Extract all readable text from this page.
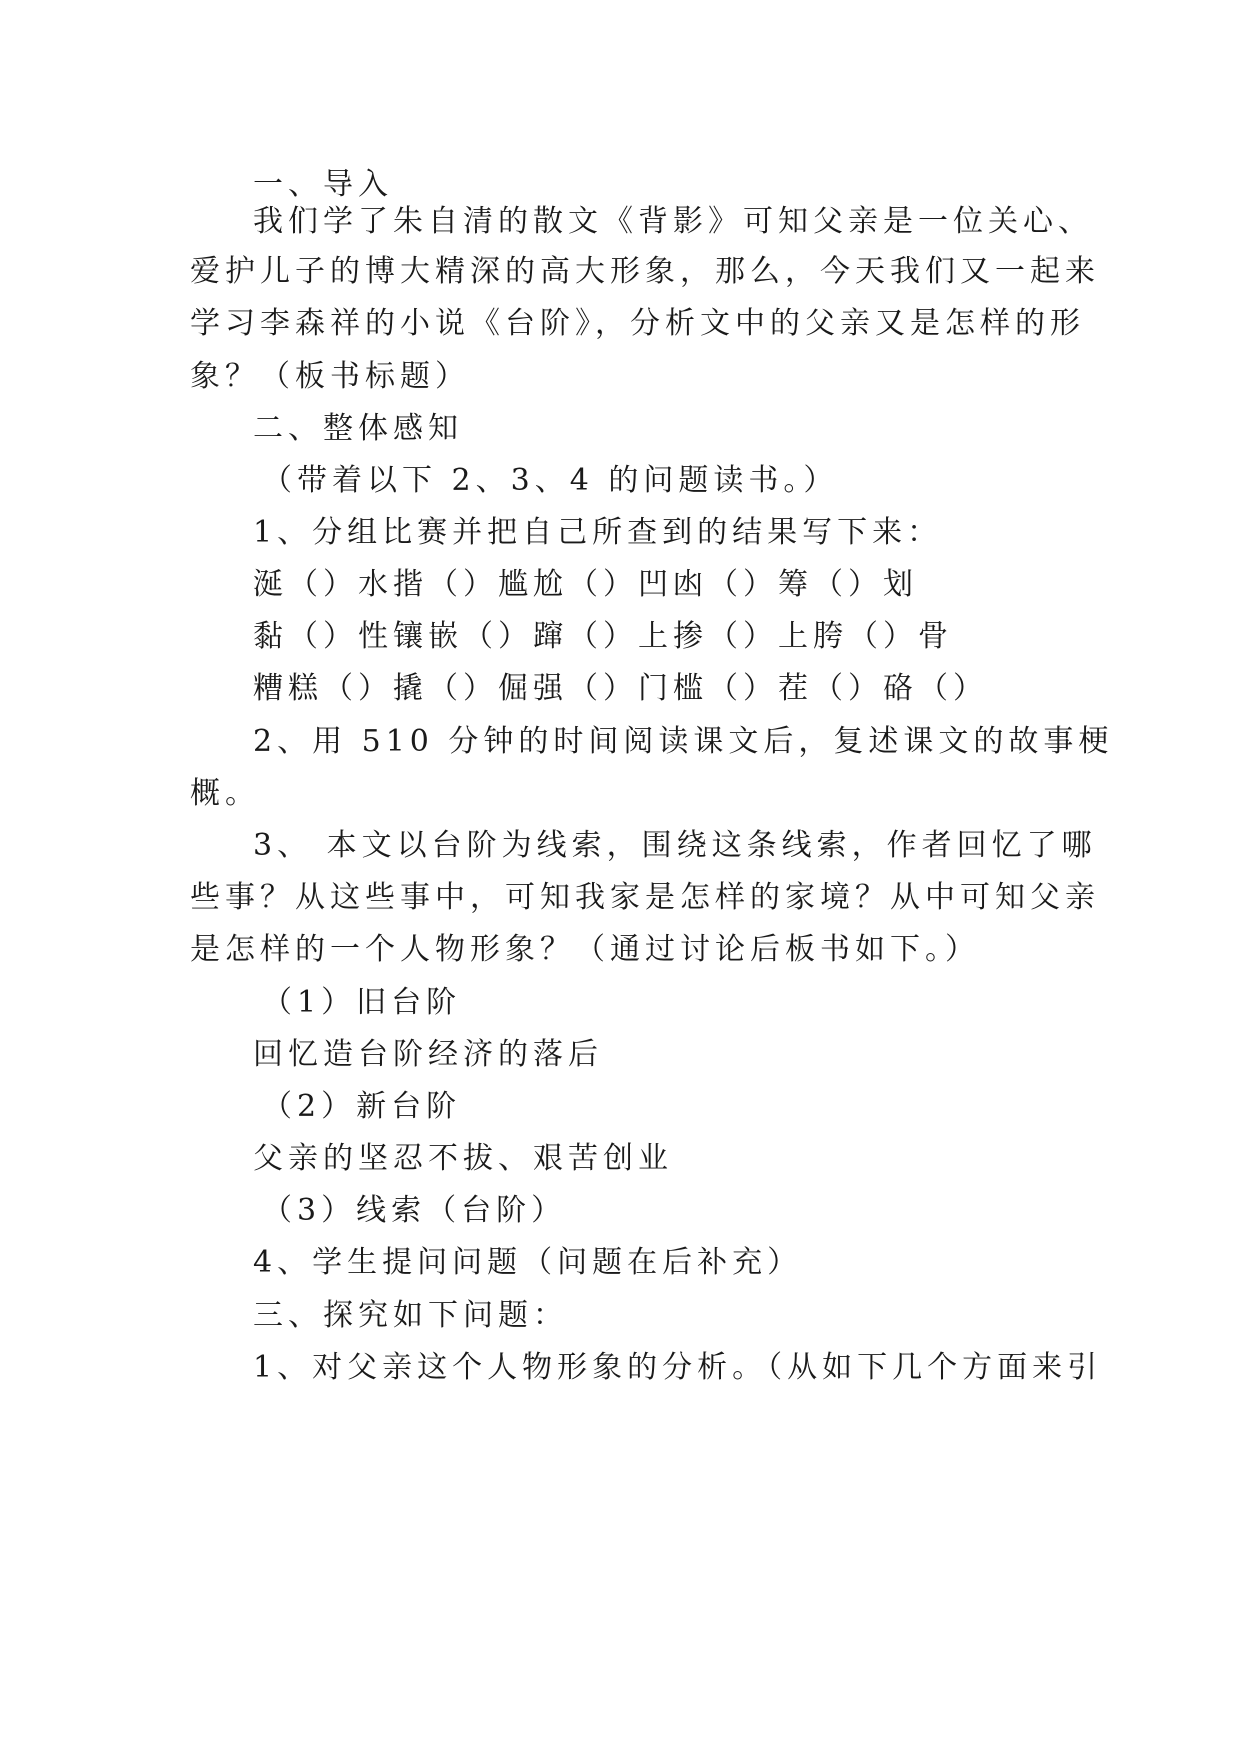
一、导入
我们学了朱自清的散文《背影》可知父亲是一位关心、
爱护儿子的博大精深的高大形象，那么，今天我们又一起来
学习李森祥的小说《台阶》，分析文中的父亲又是怎样的形
象？（板书标题）
二、整体感知
（带着以下 2、3、4 的问题读书。）
1、分组比赛并把自己所查到的结果写下来：
涎（）水揩（）尴尬（）凹凼（）筹（）划
黏（）性镶嵌（）蹿（）上掺（）上胯（）骨
糟糕（）撬（）倔强（）门槛（）茬（）硌（）
2、用 510 分钟的时间阅读课文后，复述课文的故事梗
概。
3、 本文以台阶为线索，围绕这条线索，作者回忆了哪
些事？从这些事中，可知我家是怎样的家境？从中可知父亲
是怎样的一个人物形象？（通过讨论后板书如下。）
（1）旧台阶
回忆造台阶经济的落后
（2）新台阶
父亲的坚忍不拔、艰苦创业
（3）线索（台阶）
4、学生提问问题（问题在后补充）
三、探究如下问题：
1、对父亲这个人物形象的分析。（从如下几个方面来引
